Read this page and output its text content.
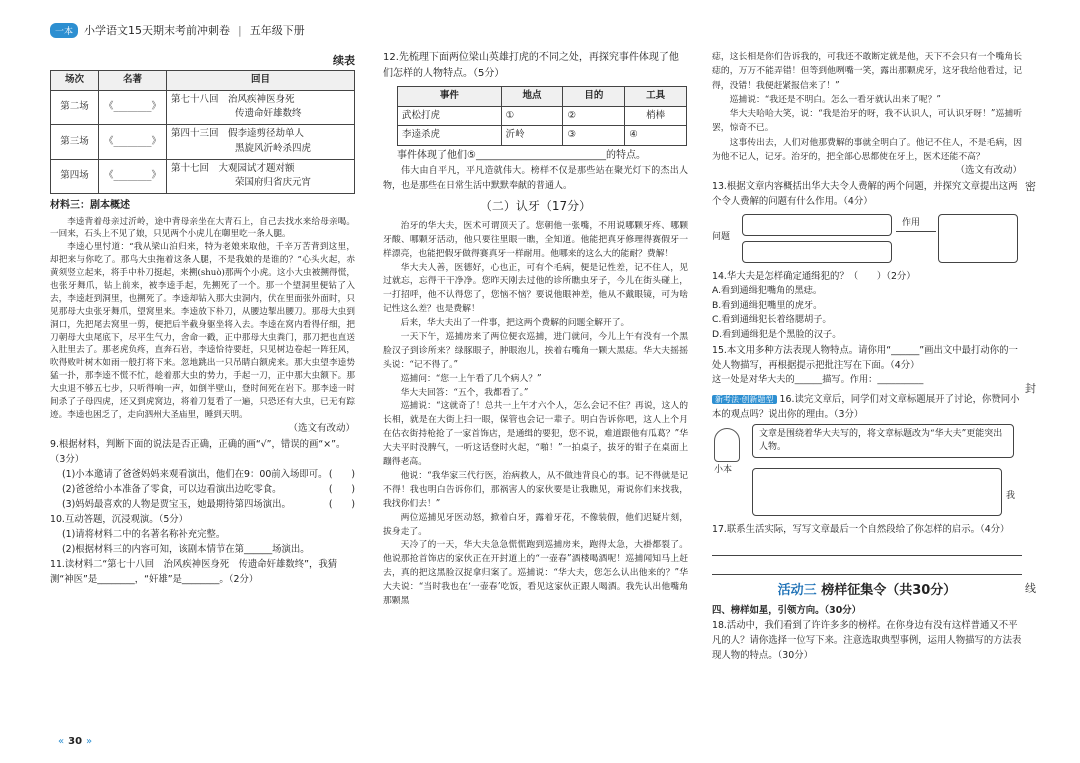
一本	小学语文15天期末考前冲刺卷 | 五年级下册
续表
场次	名著	回目
第二场	《________》	第七十八回　 治风疾神医身死
传遗命奸雄数终
第三场	《________》	第四十三回　 假李逵剪径劫单人
黑旋风沂岭杀四虎
第四场	《________》	第十七回　 大观园试才题对额
荣国府归省庆元宵
材料三：剧本概述

李逵背着母亲过沂岭，途中背母亲坐在大青石上，自己去找水来给母亲喝。一回来，石头上不见了娘，只见两个小虎儿在啣里吃一条人腿。

李逵心里忖道：“我从梁山泊归来，特为老娘来取他，千辛万苦背到这里，却把来与你吃了。那鸟大虫拖着这条人腿，不是我娘的是谁的？”心头火起，赤黄须竖立起来，将手中朴刀挺起，来搠(shuò)那两个小虎。这小大虫被搠得慌，也张牙舞爪，钻上前来，被李逵手起，先搠死了一个。那一个望洞里便钻了入去，李逵赶到洞里，也搠死了。李逵却钻入那大虫洞内，伏在里面张外面时，只见那母大虫张牙舞爪，望窝里来。李逵放下朴刀，从腰边掣出腰刀。那母大虫到洞口，先把尾去窝里一剪，便把后半截身躯坐将入去。李逵在窝内看得仔细，把刀朝母大虫尾底下，尽平生气力，舍命一戳，正中那母大虫粪门，那刀把也直送入肚里去了。那老虎负疼，直奔石岩，李逵恰待要赶，只见树边卷起一阵狂风，吹得败叶树木如雨一般打将下来。忽地跳出一只吊睛白额虎来。那大虫望李逵势猛一扑，那李逵不慌不忙，趁着那大虫的势力，手起一刀，正中那大虫额下。那大虫退不够五七步，只听得响一声，如倒半壁山，登时间死在岩下。那李逵一时间杀了子母四虎，还又到虎窝边，将着刀复看了一遍，只恐还有大虫，已无有踪迹。李逵也困乏了，走向泗州大圣庙里，睡到天明。

（选文有改动）
9.根据材料，判断下面的说法是否正确，正确的画“√”，错误的画“×”。（3分）
(1)小本邀请了爸爸妈妈来观看演出，他们在9：00前入场即可。 (　　)
(2)爸爸给小本准备了零食，可以边看演出边吃零食。	(　　)
(3)妈妈最喜欢的人物是贾宝玉，她最期待第四场演出。	(　　)
10.互动答题，沉浸观演。（5分）
(1)请将材料二中的名著名称补充完整。
(2)根据材料三的内容可知，该剧本情节在第______场演出。
11.读材料二“第七十八回　治风疾神医身死　传遗命奸雄数终”，我猜测“神医”是________，“奸雄”是________。（2分）
« 30 »
12.先梳理下面两位梁山英雄打虎的不同之处，再探究事件体现了他们怎样的人物特点。（5分）
事件	地点	目的	工具
武松打虎	①	②	梢棒
李逵杀虎	沂岭	③	④
事件体现了他们⑤__________________________的特点。

伟大由自平凡，平凡造就伟大。榜样不仅是那些站在聚光灯下的杰出人物，也是那些在日常生活中默默奉献的普通人。

（二）认牙（17分）

治牙的华大夫，医术可谓顶天了。您朝他一张嘴，不用说哪颗牙疼、哪颗牙酸、哪颗牙活动，他只要往里眼一瞧，全知道。他能把真牙修理得赛假牙一样漂亮，也能把假牙做得赛真牙一样耐用。他哪来的这么大的能耐？费解！

华大夫人善，医德好，心也正，可有个毛病，便是记性差，记不住人，见过就忘，忘得干干净净。您昨天刚去过他的诊所瞧虫牙子，今儿在街头碰上，一打招呼，他不认得您了，您恼不恼？要说他眼神差，他从不戴眼镜，可为啥记性这么差？也是费解！

后来，华大夫出了一件事，把这两个费解的问题全解开了。

一天下午，巡捕房来了两位便衣巡捕，进门就问，今儿上午有没有一个黑脸汉子到诊所来？绿豚眼子，肿眼泡儿，挨着右嘴角一颗大黑痣。华大夫摇摇头说：“记不得了。”

巡捕问：“您一上午看了几个病人？”

华大夫回答：“五个，我都看了。”

巡捕说：“这就奇了！总共一上午才六个人，怎么会记不住？再说，这人的长相，就是在大街上扫一眼，保管也会记一辈子。明白告诉你吧，这人上个月在估衣街持枪抢了一家首饰店，是通缉的要犯，您不说，难道跟他有瓜葛？”华大夫平时没脾气，一听这话登时火起，“啪！”一拍桌子，拔牙的钳子在桌面上蹦得老高。

他说：“我华家三代行医，治病救人，从不做违背良心的事。记不得就是记不得！我也明白告诉你们，那祸害人的家伙要是让我瞧见，甭说你们来找我，我找你们去！”

两位巡捕见牙医动怒，掀着白牙，露着牙花，不像装假，他们迟疑片刻，拔身走了。

天冷了的一天，华大夫急急慌慌跑到巡捕房来，跑得太急，大褂都裂了。他说那抢首饰店的家伙正在开封道上的“一壶春”酒楼喝酒呢！巡捕闻知马上赶去，真的把这黑脸汉捉拿归案了。巡捕说：“华大夫，您怎么认出他来的？”华大夫说：“当时我也在‘一壶春’吃饭，看见这家伙正跟人喝酒。我先认出他嘴角那颗黑

痣，这长相是你们告诉我的，可我还不敢断定就是他，天下不会只有一个嘴角长痣的，万万不能弄错！但等到他咧嘴一笑，露出那颗虎牙，这牙我给他看过，记得，没错！我便赶紧报信来了！”

巡捕说：“我还是不明白。怎么一看牙就认出来了呢？”

华大夫哈哈大笑，说：“我是治牙的呀，我不认识人，可认识牙呀！”巡捕听罢，惊奇不已。

这事传出去，人们对他那费解的事就全明白了。他记不住人，不是毛病，因为他不记人，记牙。治牙的，把全部心思都使在牙上，医术还能不高？

（选文有改动）
13.根据文章内容概括出华大夫令人费解的两个问题，并探究文章提出这两个令人费解的问题有什么作用。（4分）
问题
作用
14.华大夫是怎样确定通缉犯的？（　　）（2分）
A.看到通缉犯嘴角的黑痣。
B.看到通缉犯嘴里的虎牙。
C.看到通缉犯长着络腮胡子。
D.看到通缉犯是个黑脸的汉子。
15.本文用多种方法表现人物特点。请你用“______”画出文中最打动你的一处人物描写，再根据提示把批注写在下面。（4分）
这一处是对华大夫的______描写。作用：__________
新考法·创新题型 16.读完文章后，同学们对文章标题展开了讨论，你赞同小本的观点吗？说出你的理由。（3分）
小本
文章是围绕着华大夫写的，将文章标题改为“华大夫”更能突出人物。
我
17.联系生活实际，写写文章最后一个自然段给了你怎样的启示。（4分）
活动三 榜样征集令（共30分）
四、榜样如星，引领方向。（30分）
18.活动中，我们看到了许许多多的榜样。在你身边有没有这样普通又不平凡的人？请你选择一位写下来。注意选取典型事例，运用人物描写的方法表现人物的特点。（30分）
密
封
线
